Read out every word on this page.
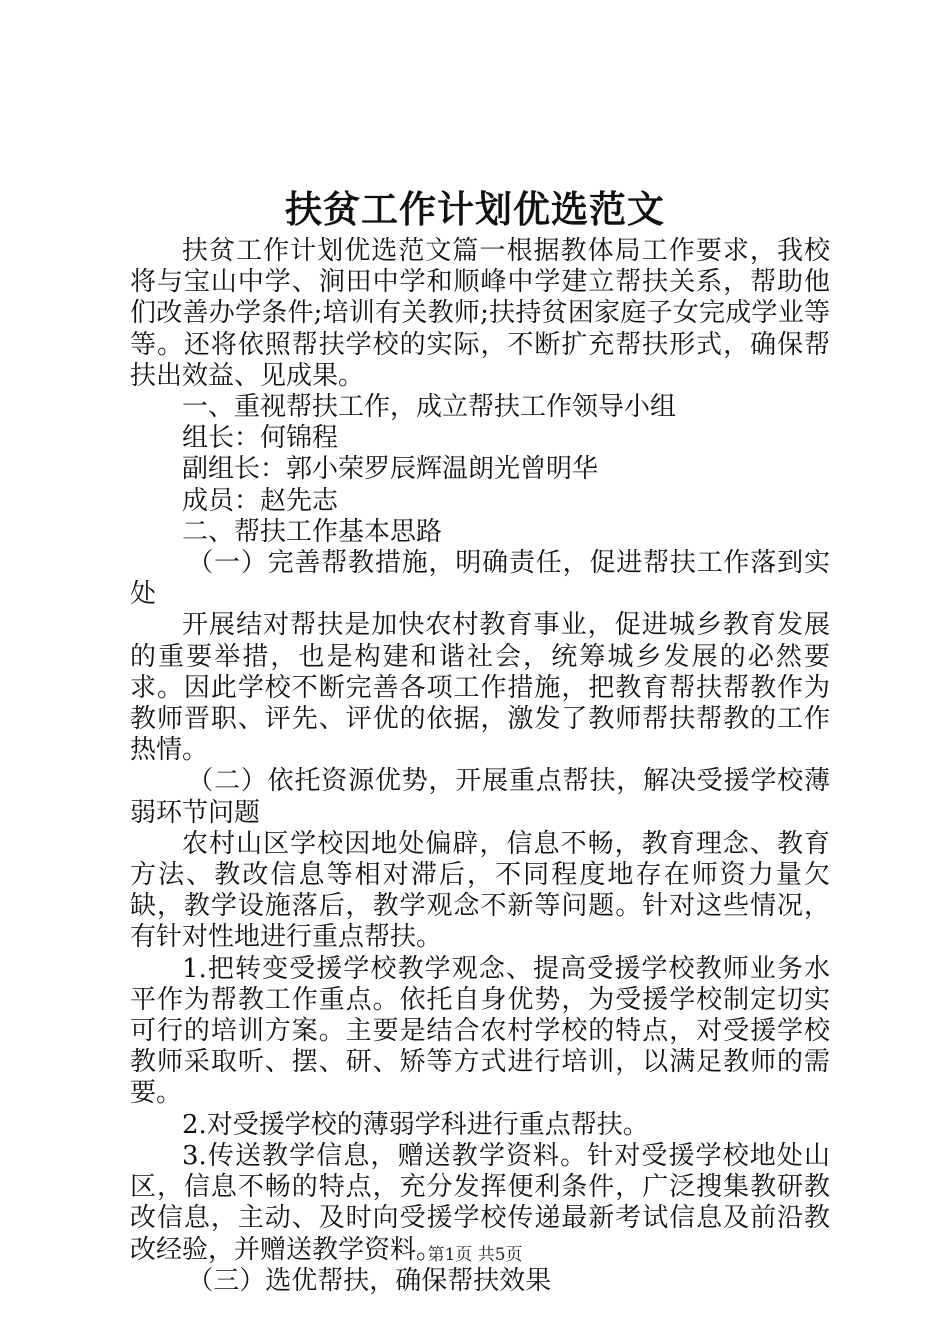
扶贫工作计划优选范文

扶贫工作计划优选范文篇一根据教体局工作要求，我校将与宝山中学、涧田中学和顺峰中学建立帮扶关系，帮助他们改善办学条件;培训有关教师;扶持贫困家庭子女完成学业等等。还将依照帮扶学校的实际，不断扩充帮扶形式，确保帮扶出效益、见成果。

一、重视帮扶工作，成立帮扶工作领导小组

组长：何锦程

副组长：郭小荣罗辰辉温朗光曾明华

成员：赵先志

二、帮扶工作基本思路

（一）完善帮教措施，明确责任，促进帮扶工作落到实处

开展结对帮扶是加快农村教育事业，促进城乡教育发展的重要举措，也是构建和谐社会，统筹城乡发展的必然要求。因此学校不断完善各项工作措施，把教育帮扶帮教作为教师晋职、评先、评优的依据，激发了教师帮扶帮教的工作热情。

（二）依托资源优势，开展重点帮扶，解决受援学校薄弱环节问题

农村山区学校因地处偏辟，信息不畅，教育理念、教育方法、教改信息等相对滞后，不同程度地存在师资力量欠缺，教学设施落后，教学观念不新等问题。针对这些情况，有针对性地进行重点帮扶。

1.把转变受援学校教学观念、提高受援学校教师业务水平作为帮教工作重点。依托自身优势，为受援学校制定切实可行的培训方案。主要是结合农村学校的特点，对受援学校教师采取听、摆、研、矫等方式进行培训，以满足教师的需要。

2.对受援学校的薄弱学科进行重点帮扶。

3.传送教学信息，赠送教学资料。针对受援学校地处山区，信息不畅的特点，充分发挥便利条件，广泛搜集教研教改信息，主动、及时向受援学校传递最新考试信息及前沿教改经验，并赠送教学资料。

（三）选优帮扶，确保帮扶效果

第1页 共5页
